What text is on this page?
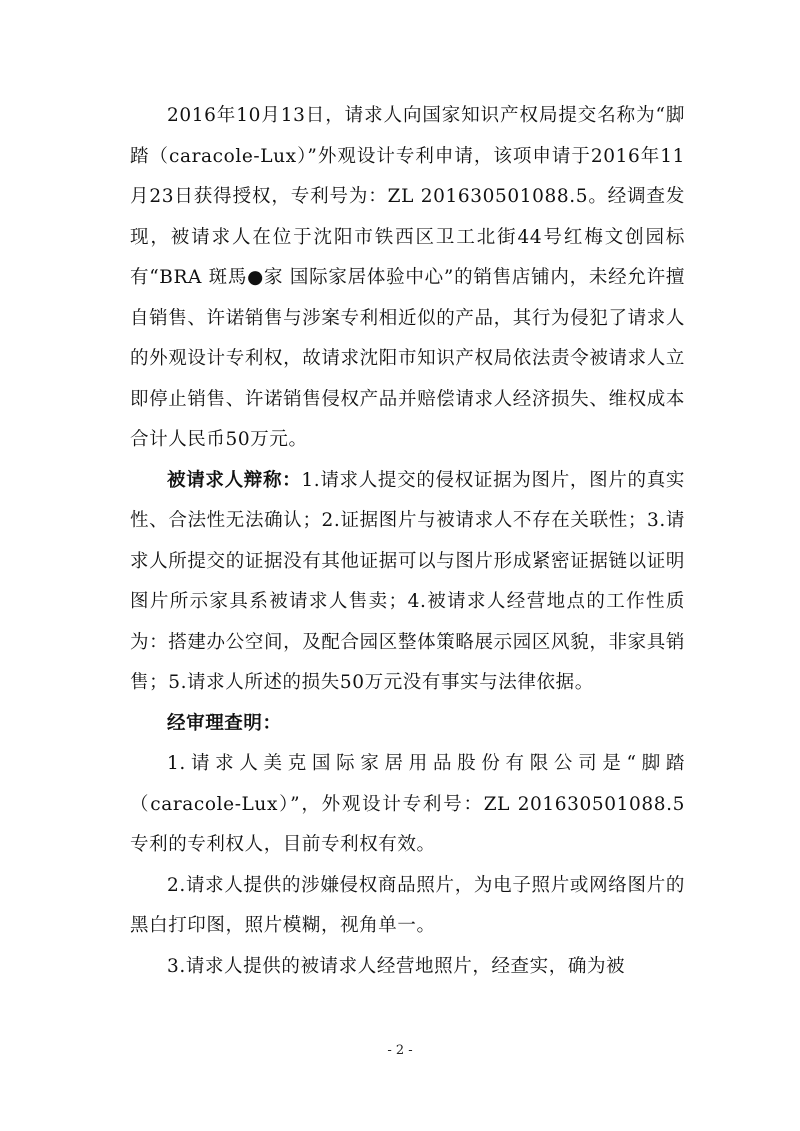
2016年10月13日，请求人向国家知识产权局提交名称为“脚踏（caracole-Lux）”外观设计专利申请，该项申请于2016年11月23日获得授权，专利号为：ZL 201630501088.5。经调查发现，被请求人在位于沈阳市铁西区卫工北街44号红梅文创园标有“BRA 斑馬●家 国际家居体验中心”的销售店铺内，未经允许擅自销售、许诺销售与涉案专利相近似的产品，其行为侵犯了请求人的外观设计专利权，故请求沈阳市知识产权局依法责令被请求人立即停止销售、许诺销售侵权产品并赔偿请求人经济损失、维权成本合计人民币50万元。

被请求人辩称：1.请求人提交的侵权证据为图片，图片的真实性、合法性无法确认；2.证据图片与被请求人不存在关联性；3.请求人所提交的证据没有其他证据可以与图片形成紧密证据链以证明图片所示家具系被请求人售卖；4.被请求人经营地点的工作性质为：搭建办公空间，及配合园区整体策略展示园区风貌，非家具销售；5.请求人所述的损失50万元没有事实与法律依据。

经审理查明：

1.请求人美克国际家居用品股份有限公司是“脚踏（caracole-Lux）”，外观设计专利号：ZL 201630501088.5专利的专利权人，目前专利权有效。

2.请求人提供的涉嫌侵权商品照片，为电子照片或网络图片的黑白打印图，照片模糊，视角单一。

3.请求人提供的被请求人经营地照片，经查实，确为被

- 2 -
